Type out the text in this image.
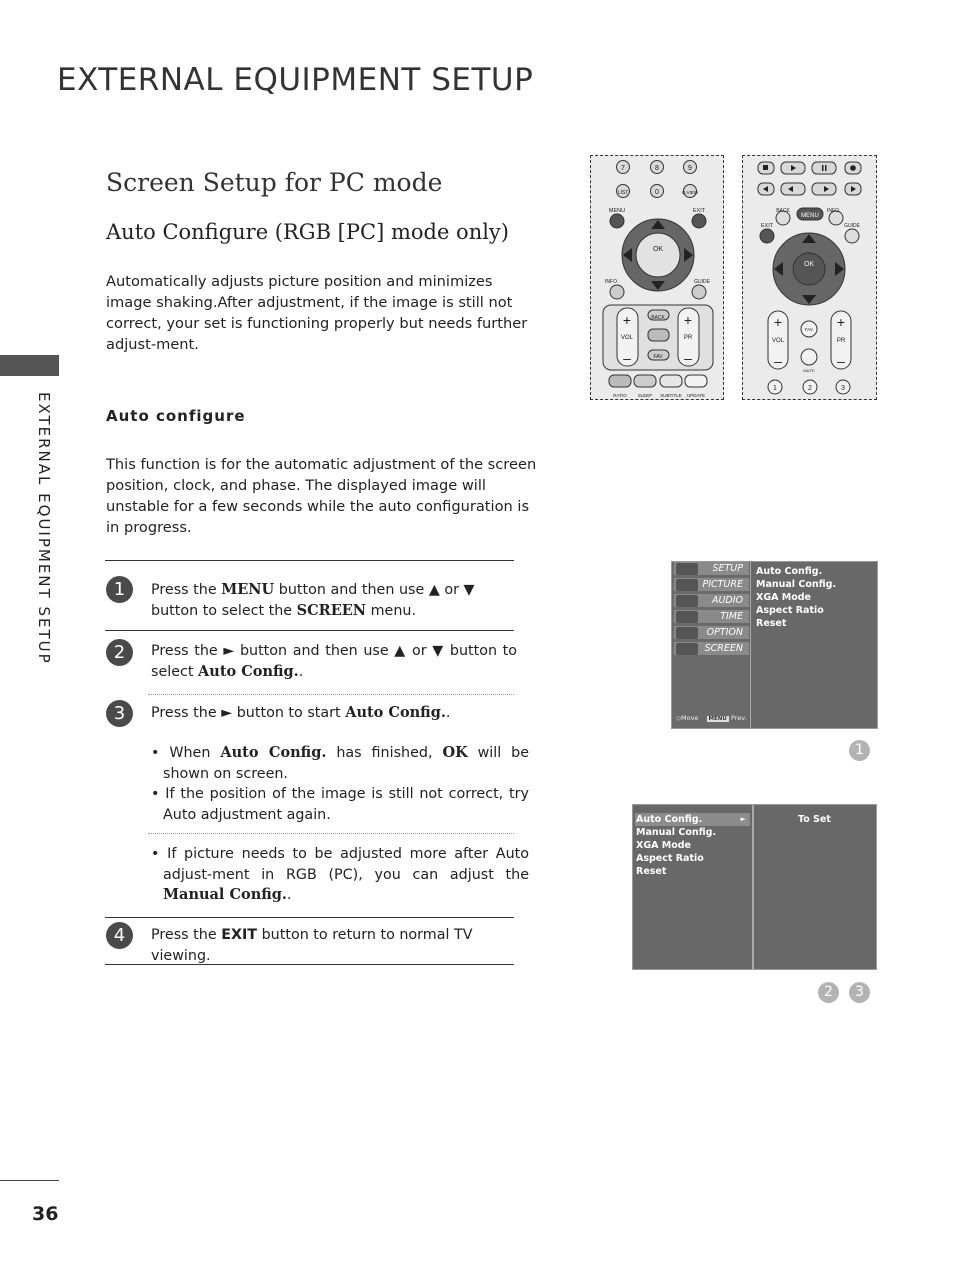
EXTERNAL EQUIPMENT SETUP
EXTERNAL EQUIPMENT SETUP
Screen Setup for PC mode
Auto Configure (RGB [PC] mode only)
Automatically adjusts picture position and minimizes image shaking.After adjustment, if the image is still not correct, your set is functioning properly but needs further adjust-ment.
Auto configure
This function is for the automatic adjustment of the screen position, clock, and phase. The displayed image will unstable for a few seconds while the auto configuration is in progress.
1	Press the MENU button and then use ▲ or ▼ button to select the SCREEN menu.
2	Press the ► button and then use ▲ or ▼ button to select Auto Config..
3	Press the ► button to start Auto Config..
• When Auto Config. has finished, OK will be shown on screen.
• If the position of the image is still not correct, try Auto adjustment again.
• If picture needs to be adjusted more after Auto adjust-ment in RGB (PC), you can adjust the Manual Config..
4	Press the EXIT button to return to normal TV viewing.
7	8	9
LIST	0	Q.VIEW
MENU	EXIT
OK
INFO	GUIDE
BACK
FAV
VOL	PR
+	+
–	–
RATIO SLEEP SUBTITLE UPDATE
BACK	INFO
MENU
EXIT	GUIDE
OK
VOL	PR
+	+
–	–
FAV
MUTE
1	2	3
SETUP
PICTURE
AUDIO
TIME
OPTION
SCREEN
◇Move MENU Prev.
Auto Config.
Manual Config.
XGA Mode
Aspect Ratio
Reset
1
Auto Config.	►
Manual Config.
XGA Mode
Aspect Ratio
Reset
To Set
2	3
36
